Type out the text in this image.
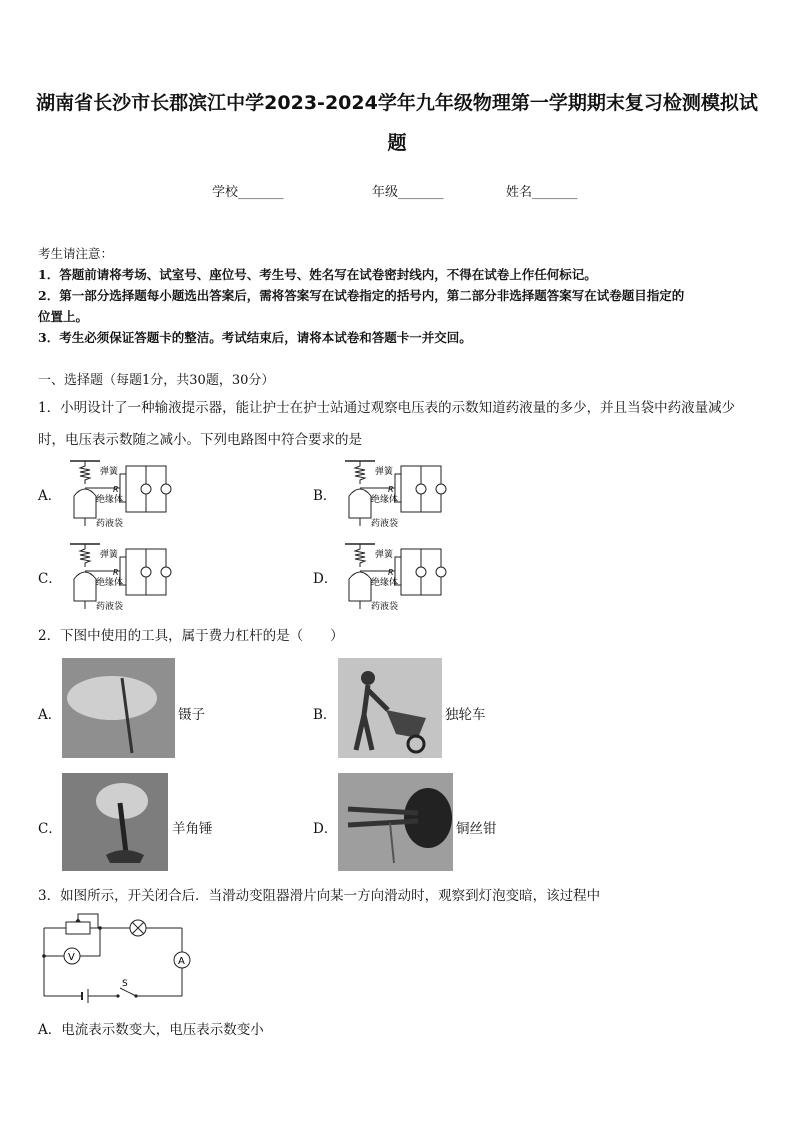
湖南省长沙市长郡滨江中学2023-2024学年九年级物理第一学期期末复习检测模拟试
题
学校_______	年级_______	姓名_______
考生请注意：
1．答题前请将考场、试室号、座位号、考生号、姓名写在试卷密封线内，不得在试卷上作任何标记。
2．第一部分选择题每小题选出答案后，需将答案写在试卷指定的括号内，第二部分非选择题答案写在试卷题目指定的
位置上。
3．考生必须保证答题卡的整洁。考试结束后，请将本试卷和答题卡一并交回。
一、选择题（每题1分，共30题，30分）
1．小明设计了一种输液提示器，能让护士在护士站通过观察电压表的示数知道药液量的多少，并且当袋中药液量减少
时，电压表示数随之减小。下列电路图中符合要求的是
A．	B．
C．	D．
弹簧
绝缘体
药液袋
R
弹簧
绝缘体
药液袋
R
弹簧
绝缘体
药液袋
R
弹簧
绝缘体
药液袋
R
2．下图中使用的工具，属于费力杠杆的是（　　）
A．	镊子	B．	独轮车
C．	羊角锤	D．	铜丝钳
3．如图所示，开关闭合后．当滑动变阻器滑片向某一方向滑动时，观察到灯泡变暗，该过程中
A
S
V
A．电流表示数变大，电压表示数变小
